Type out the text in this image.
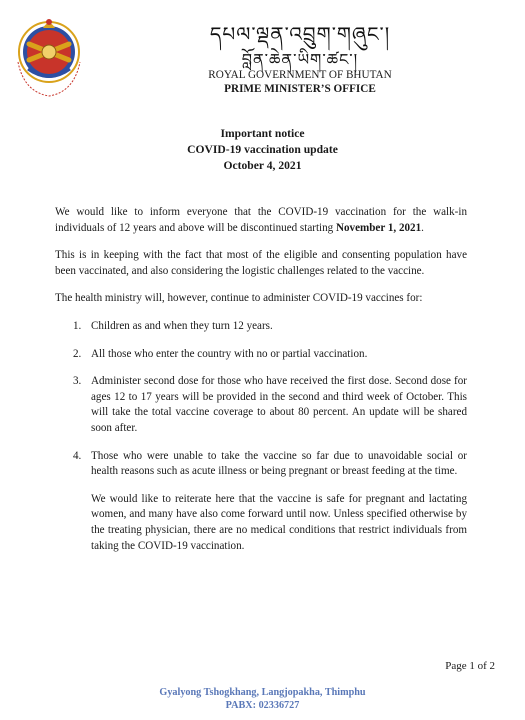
དཔལ་ལྡན་འབྲུག་གཞུང་།
བློན་ཆེན་ཡིག་ཚང་།
ROYAL GOVERNMENT OF BHUTAN
PRIME MINISTER’S OFFICE
Important notice
COVID-19 vaccination update
October 4, 2021

We would like to inform everyone that the COVID-19 vaccination for the walk-in individuals of 12 years and above will be discontinued starting November 1, 2021.

This is in keeping with the fact that most of the eligible and consenting population have been vaccinated, and also considering the logistic challenges related to the vaccine.

The health ministry will, however, continue to administer COVID-19 vaccines for:

1. Children as and when they turn 12 years.
2. All those who enter the country with no or partial vaccination.
3. Administer second dose for those who have received the first dose. Second dose for ages 12 to 17 years will be provided in the second and third week of October. This will take the total vaccine coverage to about 80 percent. An update will be shared soon after.
4. Those who were unable to take the vaccine so far due to unavoidable social or health reasons such as acute illness or being pregnant or breast feeding at the time.

We would like to reiterate here that the vaccine is safe for pregnant and lactating women, and many have also come forward until now. Unless specified otherwise by the treating physician, there are no medical conditions that restrict individuals from taking the COVID-19 vaccination.

Page 1 of 2
Gyalyong Tshogkhang, Langjopakha, Thimphu
PABX: 02336727
